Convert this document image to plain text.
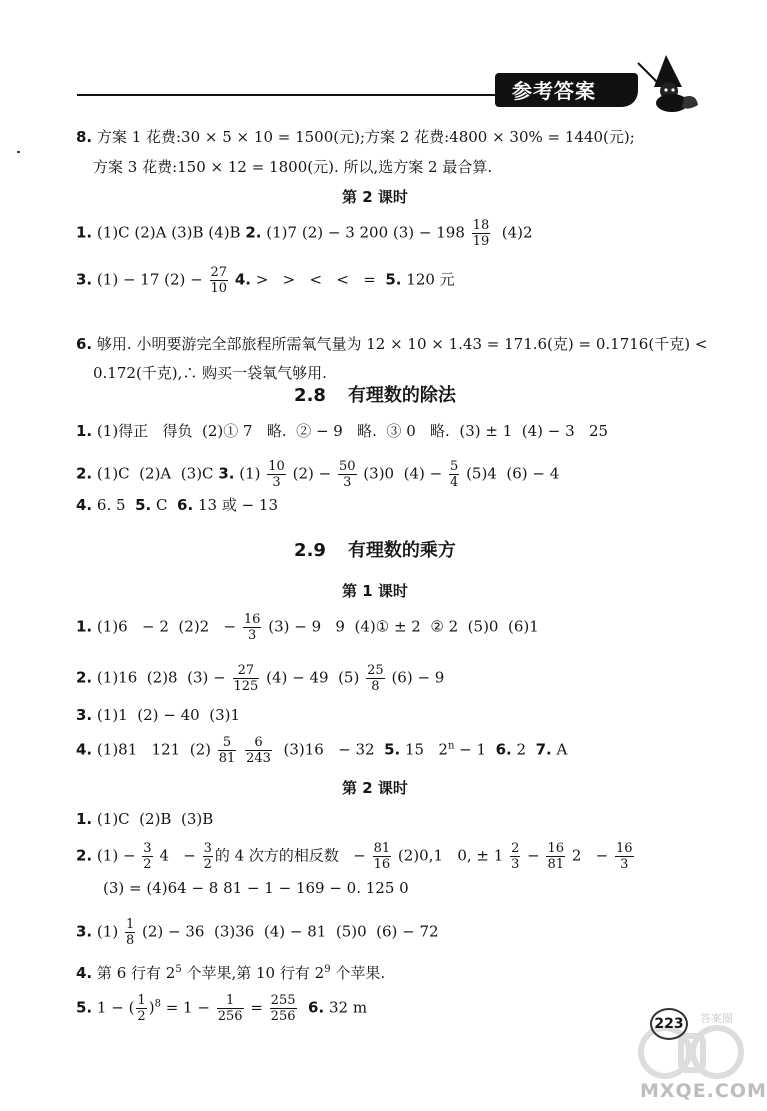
参考答案
8. 方案 1 花费:30 × 5 × 10 = 1500(元);方案 2 花费:4800 × 30% = 1440(元);
方案 3 花费:150 × 12 = 1800(元). 所以,选方案 2 最合算.
第 2 课时
1. (1)C (2)A (3)B (4)B 2. (1)7 (2) − 3 200 $(3) - 198 \frac{18}{19} (4)2$
3. (1) − 17 $(2) - \frac{27}{10} 4$. >   >   <   <   = 5. 120 元
6. 够用. 小明要游完全部旅程所需氧气量为 12 × 10 × 1.43 = 171.6(克) = 0.1716(千克) <
0.172(千克),∴ 购买一袋氧气够用.
2.8 有理数的除法
1. (1)得正   得负  (2)① 7   略.  ② − 9   略.  ③ 0   略.  (3) ± 1  (4) − 3   25
2. (1)C  (2)A  (3)C 3. $(1) \frac{10}{3} (2) - \frac{50}{3} (3)0$  $(4) - \frac{5}{4} (5)4$  (6) − 4
4. 6. 5 5. C 6. 13 或 − 13
2.9 有理数的乘方
第 1 课时
1. (1)6   − 2  $(2)2 - \frac{16}{3} (3) - 9$   9  (4)① ± 2  ② 2  (5)0  (6)1
2. (1)16  (2)8  $(3) - \frac{27}{125} (4) - 49$  $(5) \frac{25}{8} (6) - 9$
3. (1)1  (2) − 40  (3)1
4. (1)81   121  $(2) \frac{5}{81}$
$\frac{6}{243} (3)16 - 32$ 5. 15   $2^n - 1$ 6. 2 7. A
第 2 课时
1. (1)C  (2)B  (3)B
2. $(1) - \frac{3}{2} 4 - \frac{3}{2}$ 的 4 次方的相反数   − $\frac{81}{16} (2)0,1$   0, ± $1 \frac{2}{3} - \frac{16}{81} 2 - \frac{16}{3}$
(3) = (4)64 − 8 81 − 1 − 169 − 0. 125 0
3. $(1) \frac{1}{8} (2) - 36$  (3)36  (4) − 81  (5)0  (6) − 72
4. 第 6 行有 $2^5$ 个苹果,第 10 行有 $2^9$ 个苹果.
5. 1 − ( $\frac{1}{2} )^8 = 1 - \frac{1}{256} = \frac{255}{256} 6$. 32 m
223
MXQE.COM
答案圈
